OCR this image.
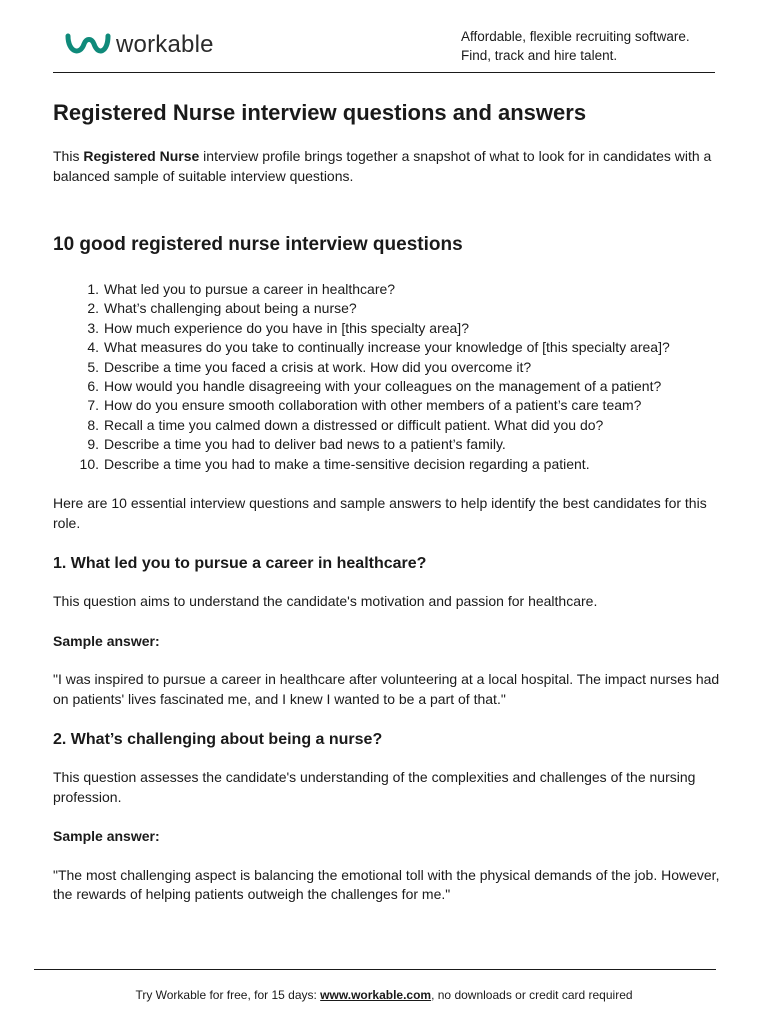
workable	Affordable, flexible recruiting software.
Find, track and hire talent.
Registered Nurse interview questions and answers

This Registered Nurse interview profile brings together a snapshot of what to look for in candidates with a balanced sample of suitable interview questions.

10 good registered nurse interview questions
1. What led you to pursue a career in healthcare?
2. What’s challenging about being a nurse?
3. How much experience do you have in [this specialty area]?
4. What measures do you take to continually increase your knowledge of [this specialty area]?
5. Describe a time you faced a crisis at work. How did you overcome it?
6. How would you handle disagreeing with your colleagues on the management of a patient?
7. How do you ensure smooth collaboration with other members of a patient’s care team?
8. Recall a time you calmed down a distressed or difficult patient. What did you do?
9. Describe a time you had to deliver bad news to a patient’s family.
10. Describe a time you had to make a time-sensitive decision regarding a patient.

Here are 10 essential interview questions and sample answers to help identify the best candidates for this role.

1. What led you to pursue a career in healthcare?

This question aims to understand the candidate's motivation and passion for healthcare.

Sample answer:

"I was inspired to pursue a career in healthcare after volunteering at a local hospital. The impact nurses had on patients' lives fascinated me, and I knew I wanted to be a part of that."

2. What’s challenging about being a nurse?

This question assesses the candidate's understanding of the complexities and challenges of the nursing profession.

Sample answer:

"The most challenging aspect is balancing the emotional toll with the physical demands of the job. However, the rewards of helping patients outweigh the challenges for me."

Try Workable for free, for 15 days: www.workable.com, no downloads or credit card required
